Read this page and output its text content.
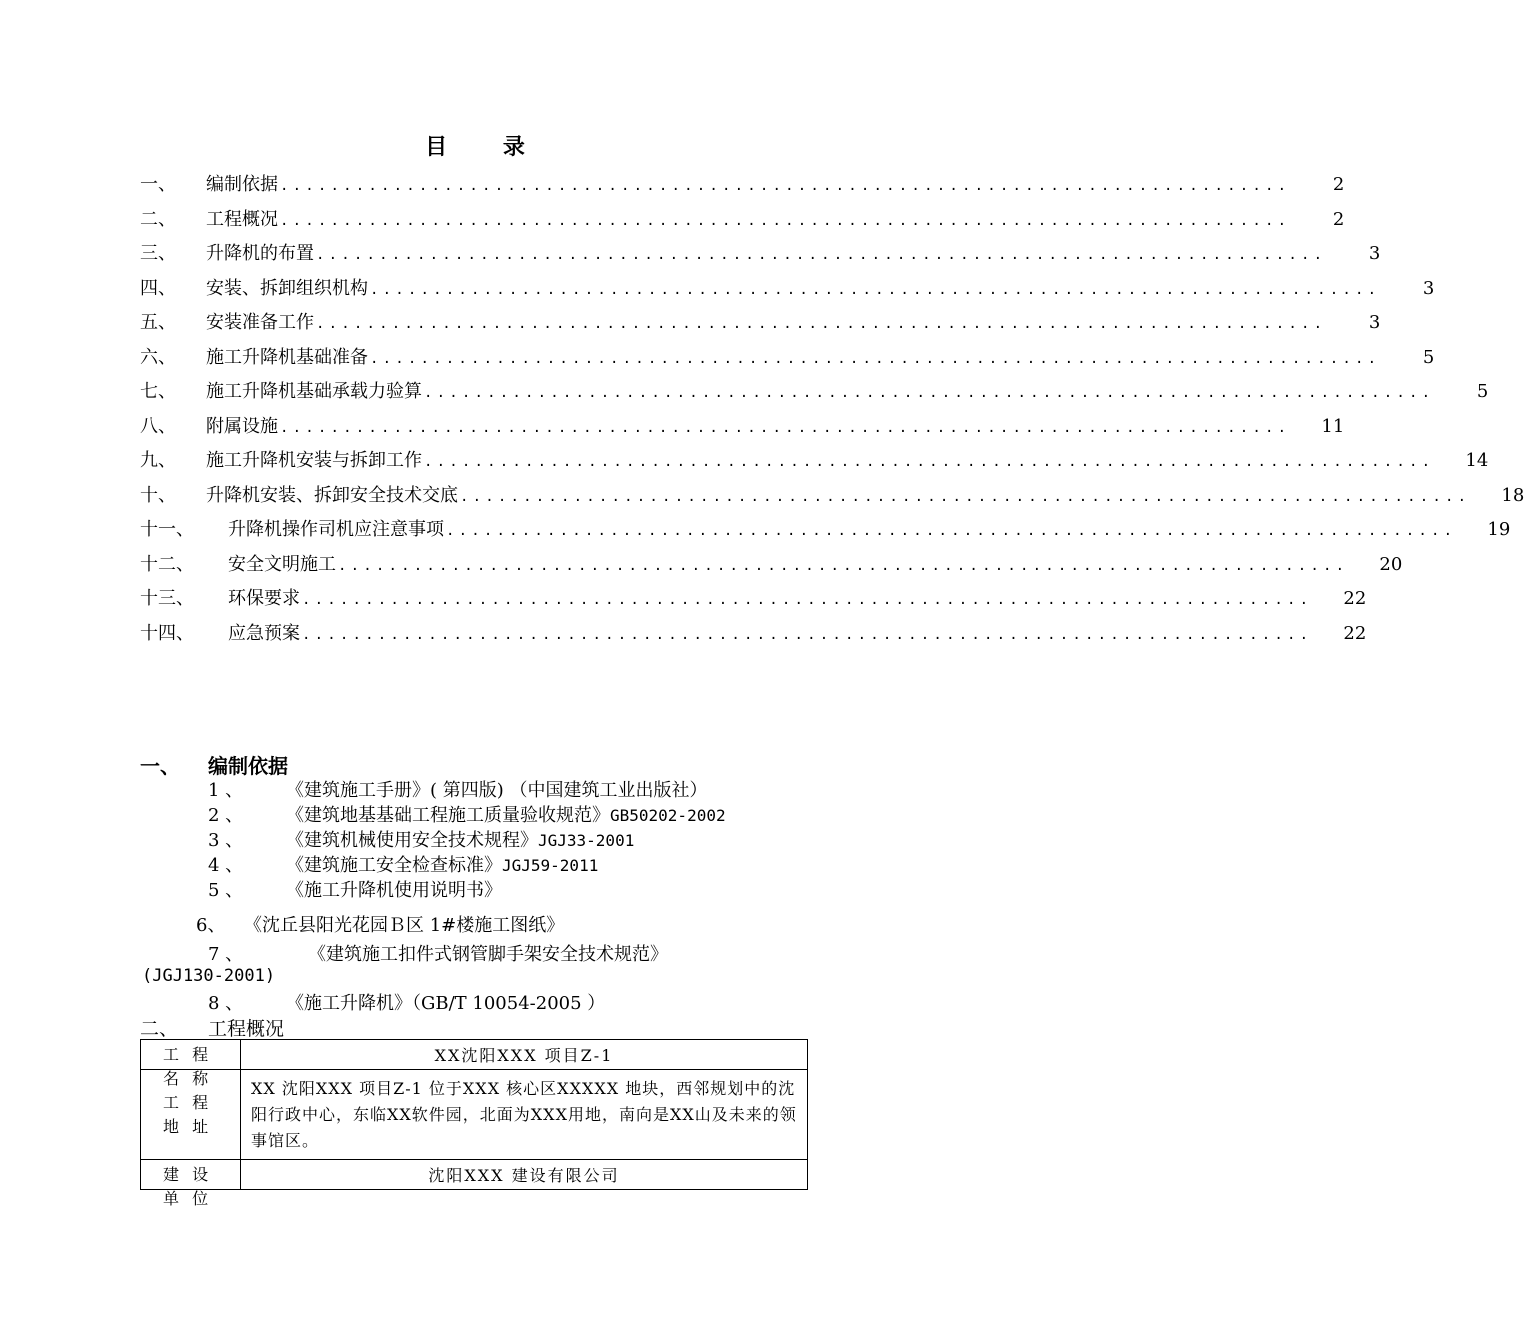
目 录
一、	编制依据 ................................................................................	2
二、	工程概况 ................................................................................	2
三、	升降机的布置 ................................................................................	3
四、	安装、拆卸组织机构 ................................................................................	3
五、	安装准备工作 ................................................................................	3
六、	施工升降机基础准备 ................................................................................	5
七、	施工升降机基础承载力验算 ................................................................................	5
八、	附属设施 ................................................................................	11
九、	施工升降机安装与拆卸工作 ................................................................................	14
十、	升降机安装、拆卸安全技术交底 ................................................................................	18
十一、	升降机操作司机应注意事项 ................................................................................	19
十二、	安全文明施工 ................................................................................	20
十三、	环保要求 ................................................................................	22
十四、	应急预案 ................................................................................	22
一、 编制依据
1 、 《建筑施工手册》( 第四版) （中国建筑工业出版社）
2 、 《建筑地基基础工程施工质量验收规范》GB50202-2002
3 、 《建筑机械使用安全技术规程》JGJ33-2001
4 、 《建筑施工安全检查标准》JGJ59-2011
5 、 《施工升降机使用说明书》
6、 《沈丘县阳光花园Ｂ区 1#楼施工图纸》
7 、	《建筑施工扣件式钢管脚手架安全技术规范》
(JGJ130-2001)
8 、 《施工升降机》（GB/T 10054-2005 ）
二、 工程概况
工 程 名 称	XX沈阳XXX 项目Z-1

工 程 地 址	XX 沈阳XXX 项目Z-1 位于XXX 核心区XXXXX 地块，西邻规划中的沈阳行政中心，东临XX软件园，北面为XXX用地，南向是XX山及未来的领事馆区。

建 设 单 位	沈阳XXX 建设有限公司
